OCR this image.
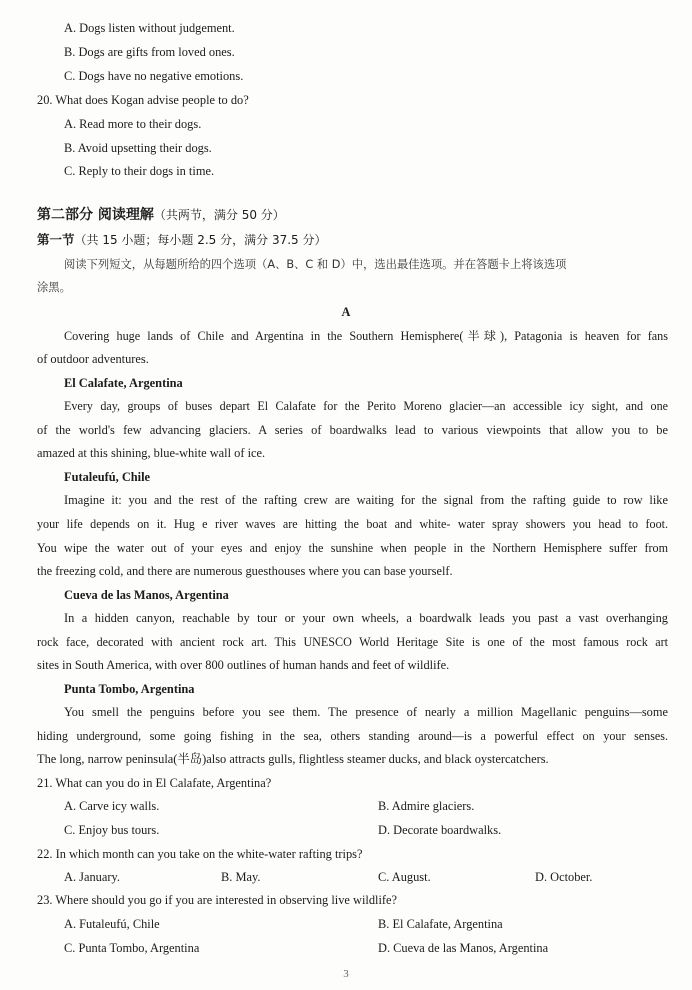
A. Dogs listen without judgement.
B. Dogs are gifts from loved ones.
C. Dogs have no negative emotions.
20. What does Kogan advise people to do?
A. Read more to their dogs.
B. Avoid upsetting their dogs.
C. Reply to their dogs in time.
第二部分 阅读理解（共两节，满分 50 分）
第一节（共 15 小题；每小题 2.5 分，满分 37.5 分）
阅读下列短文，从每题所给的四个选项（A、B、C 和 D）中，选出最佳选项。并在答题卡上将该选项
涂黑。
A
Covering huge lands of Chile and Argentina in the Southern Hemisphere(半球), Patagonia is heaven for fans
of outdoor adventures.
El Calafate, Argentina
Every day, groups of buses depart El Calafate for the Perito Moreno glacier—an accessible icy sight, and one
of the world's few advancing glaciers. A series of boardwalks lead to various viewpoints that allow you to be
amazed at this shining, blue-white wall of ice.
Futaleufú, Chile
Imagine it: you and the rest of the rafting crew are waiting for the signal from the rafting guide to row like
your life depends on it. Hug e river waves are hitting the boat and white- water spray showers you head to foot.
You wipe the water out of your eyes and enjoy the sunshine when people in the Northern Hemisphere suffer from
the freezing cold, and there are numerous guesthouses where you can base yourself.
Cueva de las Manos, Argentina
In a hidden canyon, reachable by tour or your own wheels, a boardwalk leads you past a vast overhanging
rock face, decorated with ancient rock art. This UNESCO World Heritage Site is one of the most famous rock art
sites in South America, with over 800 outlines of human hands and feet of wildlife.
Punta Tombo, Argentina
You smell the penguins before you see them. The presence of nearly a million Magellanic penguins—some
hiding underground, some going fishing in the sea, others standing around—is a powerful effect on your senses.
The long, narrow peninsula(半岛)also attracts gulls, flightless steamer ducks, and black oystercatchers.
21. What can you do in El Calafate, Argentina?
A. Carve icy walls.	B. Admire glaciers.
C. Enjoy bus tours.	D. Decorate boardwalks.
22. In which month can you take on the white-water rafting trips?
A. January.	B. May.	C. August.	D. October.
23. Where should you go if you are interested in observing live wildlife?
A. Futaleufú, Chile	B. El Calafate, Argentina
C. Punta Tombo, Argentina	D. Cueva de las Manos, Argentina
3
